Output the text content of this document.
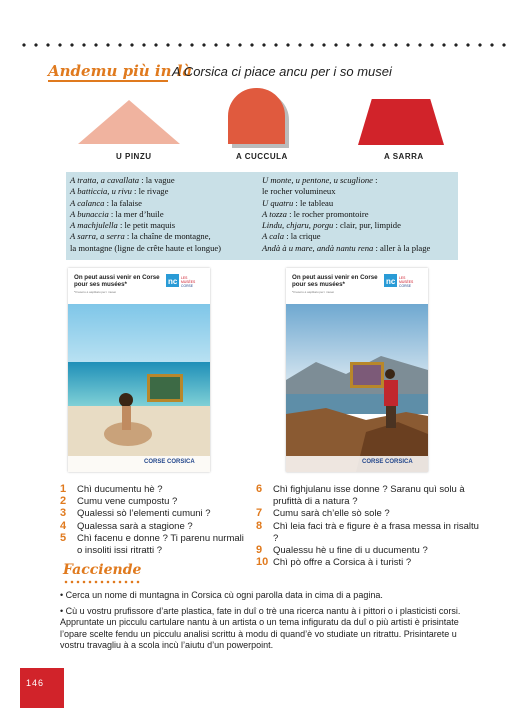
Andemu più in là
A Corsica ci piace ancu per i so musei
U PINZU	A CUCCULA	A SARRA
A tratta, a cavallata : la vague
A batticcia, u rivu : le rivage
A calanca : la falaise
A bunaccia : la mer d’huile
A machjulella : le petit maquis
A sarra, a serra : la chaîne de montagne,
la montagne (ligne de crête haute et longue)
U monte, u pentone, u scuglione :
le rocher volumineux
U quatru : le tableau
A tozza : le rocher promontoire
Lindu, chjaru, porgu : clair, pur, limpide
A cala : la crique
Andà à u mare, andà nantu rena : aller à la plage
On peut aussi venir en Corse pour ses musées*
*Il tesoru è aspittatu per i musei
nc LES
MUSÉES
CORSE
CORSE CORSICA
On peut aussi venir en Corse pour ses musées*
*Il tesoru è aspittatu per i musei
nc LES
MUSÉES
CORSE
CORSE CORSICA
1 Chì ducumentu hè ?
2 Cumu vene cumpostu ?
3 Qualessi sò l’elementi cumuni ?
4 Qualessa sarà a stagione ?
5 Chì facenu e donne ? Ti parenu nurmali o insoliti issi ritratti ?
6 Chì fighjulanu isse donne ? Saranu quì solu à prufittà di a natura ?
7 Cumu sarà ch’elle sò sole ?
8 Chì leia faci trà e figure è a frasa messa in risaltu ?
9 Qualessu hè u fine di u ducumentu ?
10 Chì pò offre a Corsica à i turisti ?
Facciende

• Cerca un nome di muntagna in Corsica cù ogni parolla data in cima di a pagina.

• Cù u vostru prufissore d’arte plastica, fate in duî o trè una ricerca nantu à i pittori o i plasticisti corsi. Appruntate un picculu cartulare nantu à un artista o un tema infiguratu da duî o più artisti è prisintate l’opare scelte fendu un picculu analisi scrittu à modu di quand’è vo studiate un ritrattu. Prisintarete u vostru travagliu à a scola incù l’aiutu d’un powerpoint.

146
